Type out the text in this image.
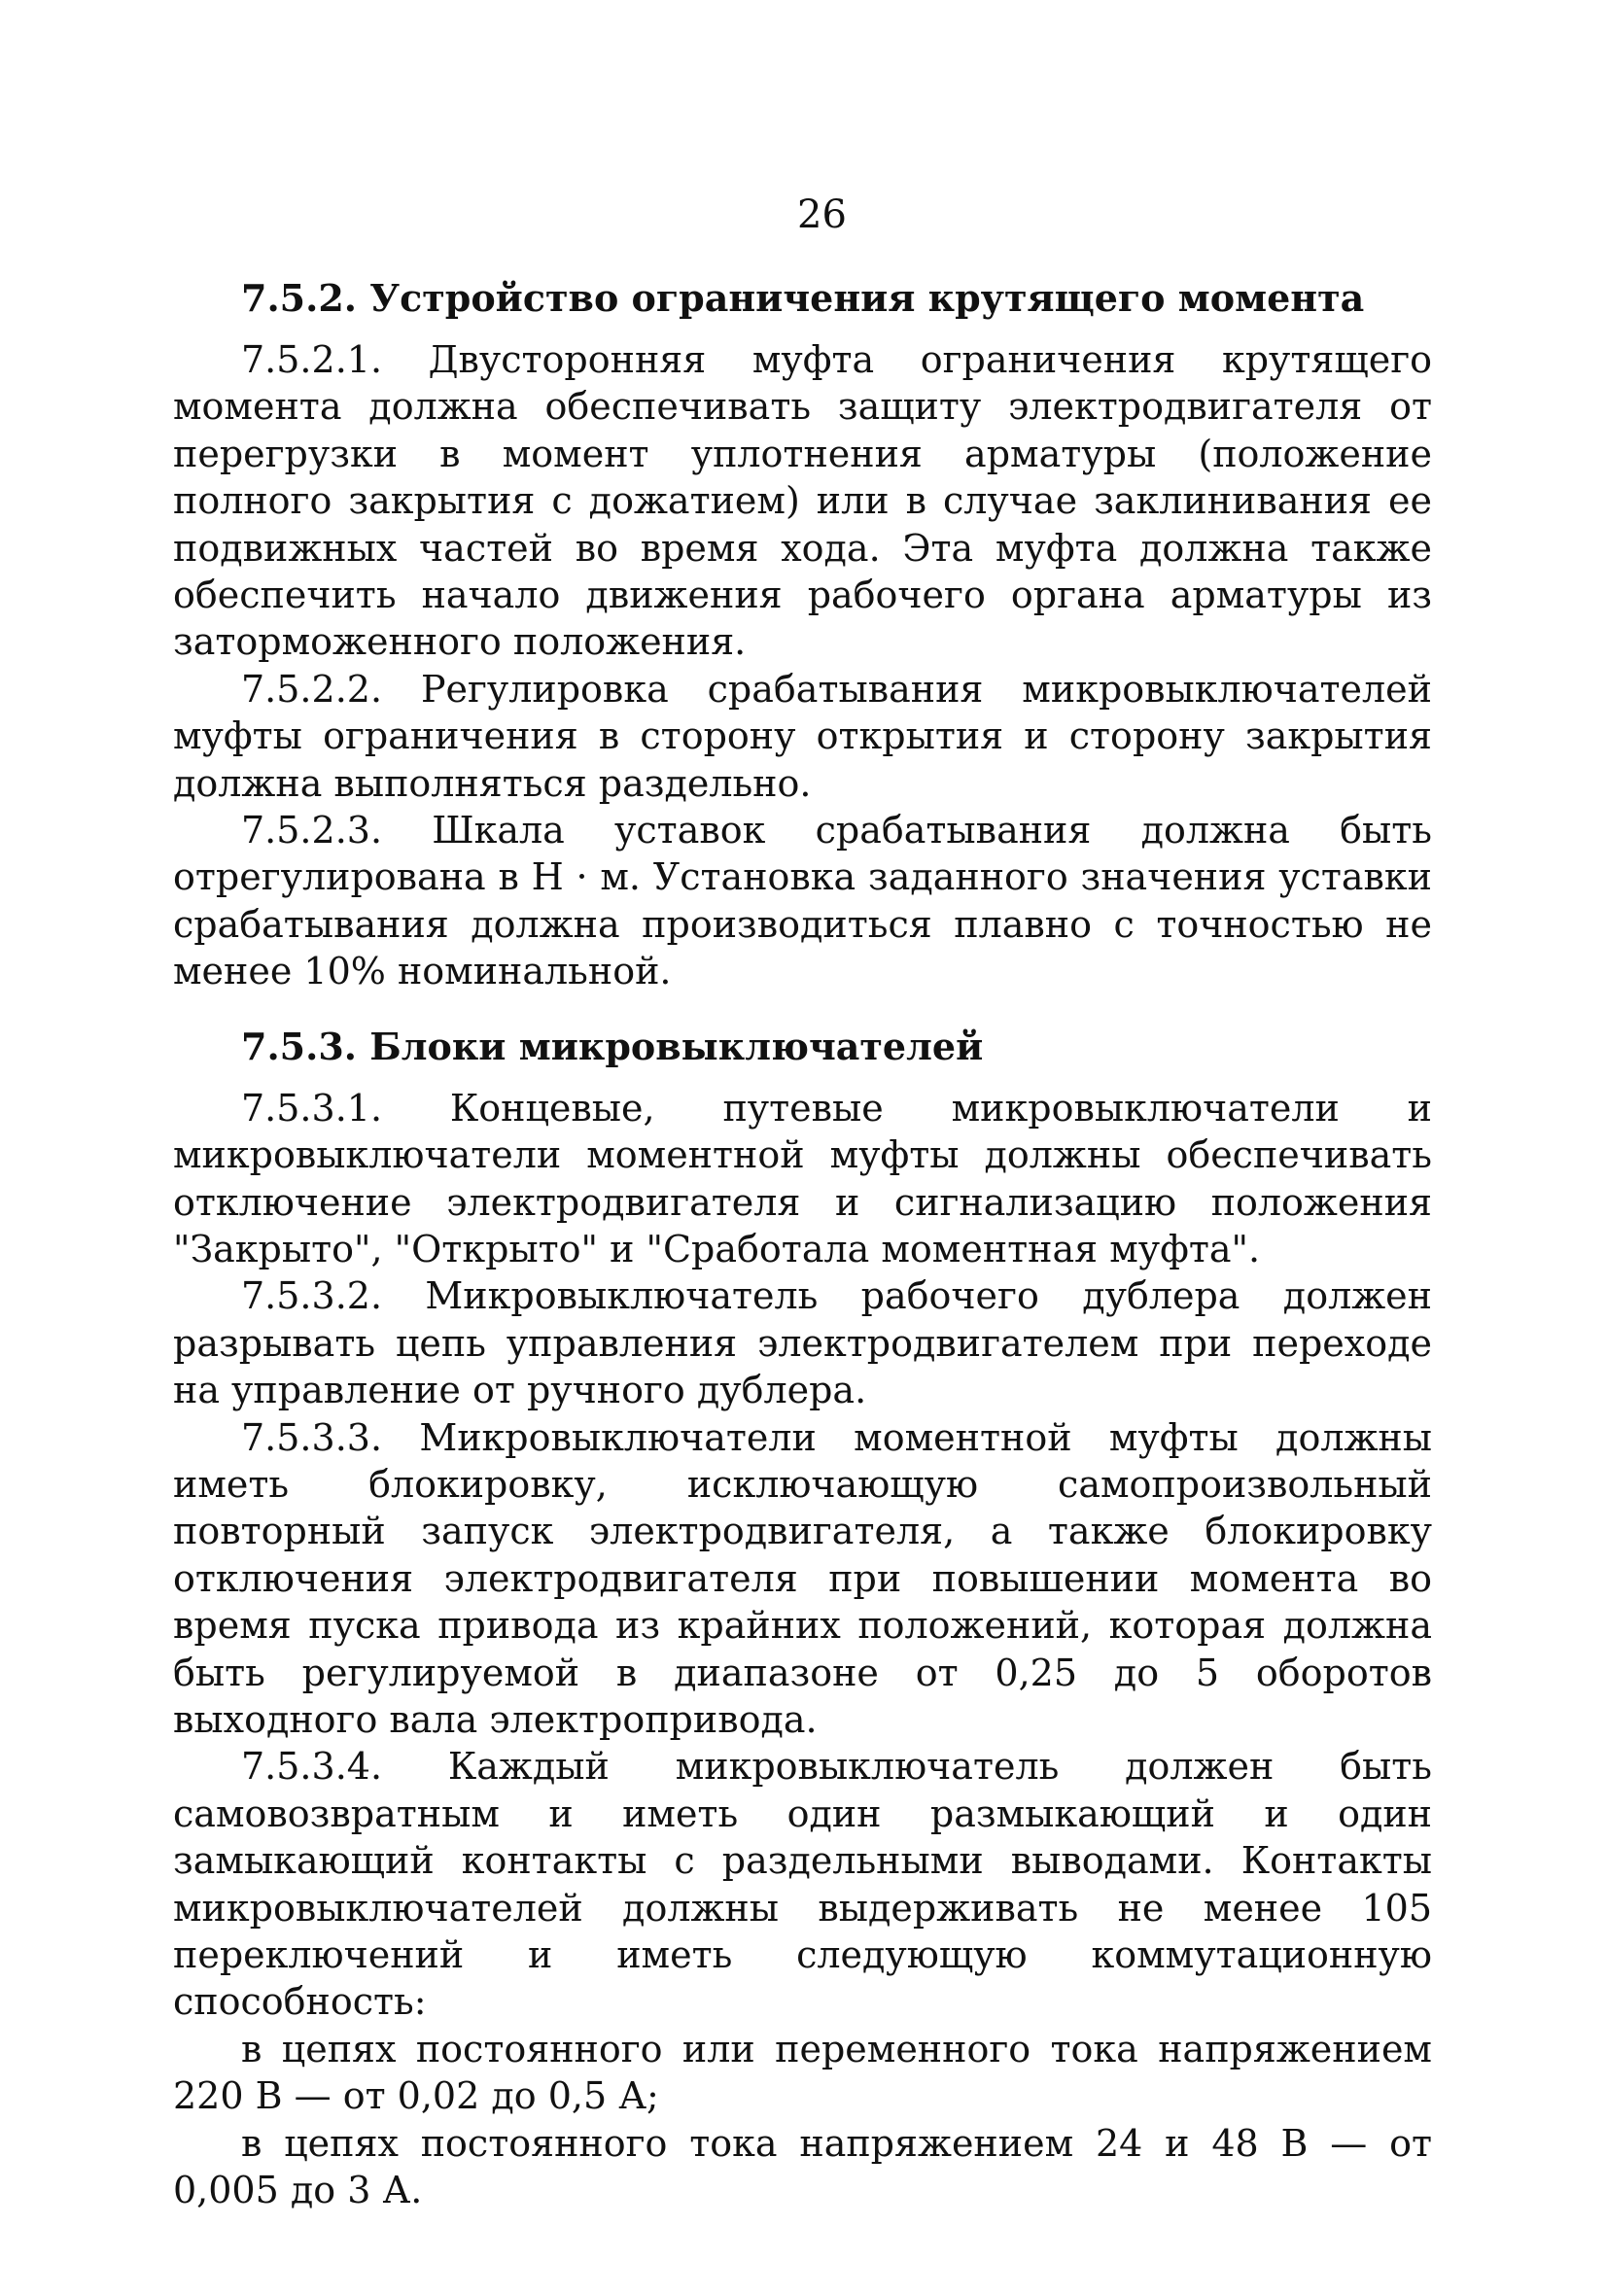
26
7.5.2. Устройство ограничения крутящего момента

7.5.2.1. Двусторонняя муфта ограничения крутящего момента должна обеспечивать защиту электродвигателя от перегрузки в момент уплотнения арматуры (положение полного закрытия с дожатием) или в случае заклинивания ее подвижных частей во время хода. Эта муфта должна также обеспечить начало движения рабочего органа арматуры из заторможенного положения.

7.5.2.2. Регулировка срабатывания микровыключателей муфты ограничения в сторону открытия и сторону закрытия должна выполняться раздельно.

7.5.2.3. Шкала уставок срабатывания должна быть отрегулирована в Н · м. Установка заданного значения уставки срабатывания должна производиться плавно с точностью не менее 10% номинальной.

7.5.3. Блоки микровыключателей

7.5.3.1. Концевые, путевые микровыключатели и микровыключатели моментной муфты должны обеспечивать отключение электродвигателя и сигнализацию положения "Закрыто", "Открыто" и "Сработала моментная муфта".

7.5.3.2. Микровыключатель рабочего дублера должен разрывать цепь управления электродвигателем при переходе на управление от ручного дублера.

7.5.3.3. Микровыключатели моментной муфты должны иметь блокировку, исключающую самопроизвольный повторный запуск электродвигателя, а также блокировку отключения электродвигателя при повышении момента во время пуска привода из крайних положений, которая должна быть регулируемой в диапазоне от 0,25 до 5 оборотов выходного вала электропривода.

7.5.3.4. Каждый микровыключатель должен быть самовозвратным и иметь один размыкающий и один замыкающий контакты с раздельными выводами. Контакты микровыключателей должны выдерживать не менее 105 переключений и иметь следующую коммутационную способность:

в цепях постоянного или переменного тока напряжением 220 В — от 0,02 до 0,5 А;

в цепях постоянного тока напряжением 24 и 48 В — от 0,005 до 3 А.
